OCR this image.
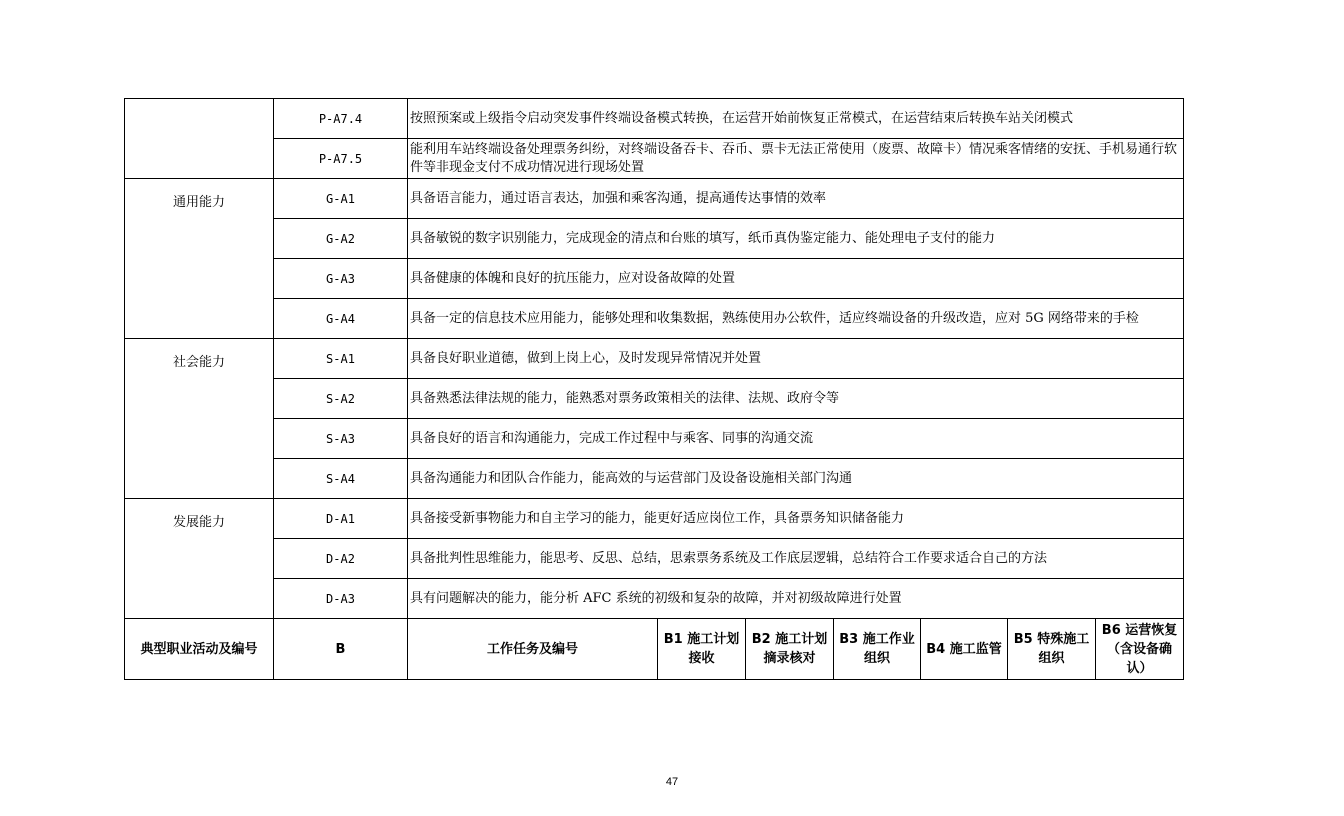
	P-A7.4	按照预案或上级指令启动突发事件终端设备模式转换，在运营开始前恢复正常模式，在运营结束后转换车站关闭模式						
	P-A7.5	能利用车站终端设备处理票务纠纷，对终端设备吞卡、吞币、票卡无法正常使用（废票、故障卡）情况乘客情绪的安抚、手机易通行软件等非现金支付不成功情况进行现场处置						
通用能力	G-A1	具备语言能力，通过语言表达，加强和乘客沟通，提高通传达事情的效率						
	G-A2	具备敏锐的数字识别能力，完成现金的清点和台账的填写，纸币真伪鉴定能力、能处理电子支付的能力						
	G-A3	具备健康的体魄和良好的抗压能力，应对设备故障的处置						
	G-A4	具备一定的信息技术应用能力，能够处理和收集数据，熟练使用办公软件，适应终端设备的升级改造，应对 5G 网络带来的手检						
社会能力	S-A1	具备良好职业道德，做到上岗上心，及时发现异常情况并处置						
	S-A2	具备熟悉法律法规的能力，能熟悉对票务政策相关的法律、法规、政府令等						
	S-A3	具备良好的语言和沟通能力，完成工作过程中与乘客、同事的沟通交流						
	S-A4	具备沟通能力和团队合作能力，能高效的与运营部门及设备设施相关部门沟通						
发展能力	D-A1	具备接受新事物能力和自主学习的能力，能更好适应岗位工作，具备票务知识储备能力						
	D-A2	具备批判性思维能力，能思考、反思、总结，思索票务系统及工作底层逻辑，总结符合工作要求适合自己的方法						
	D-A3	具有问题解决的能力，能分析 AFC 系统的初级和复杂的故障，并对初级故障进行处置						
典型职业活动及编号	B	工作任务及编号	B1 施工计划接收	B2 施工计划摘录核对	B3 施工作业组织	B4 施工监管	B5 特殊施工组织	B6 运营恢复（含设备确认）
47
